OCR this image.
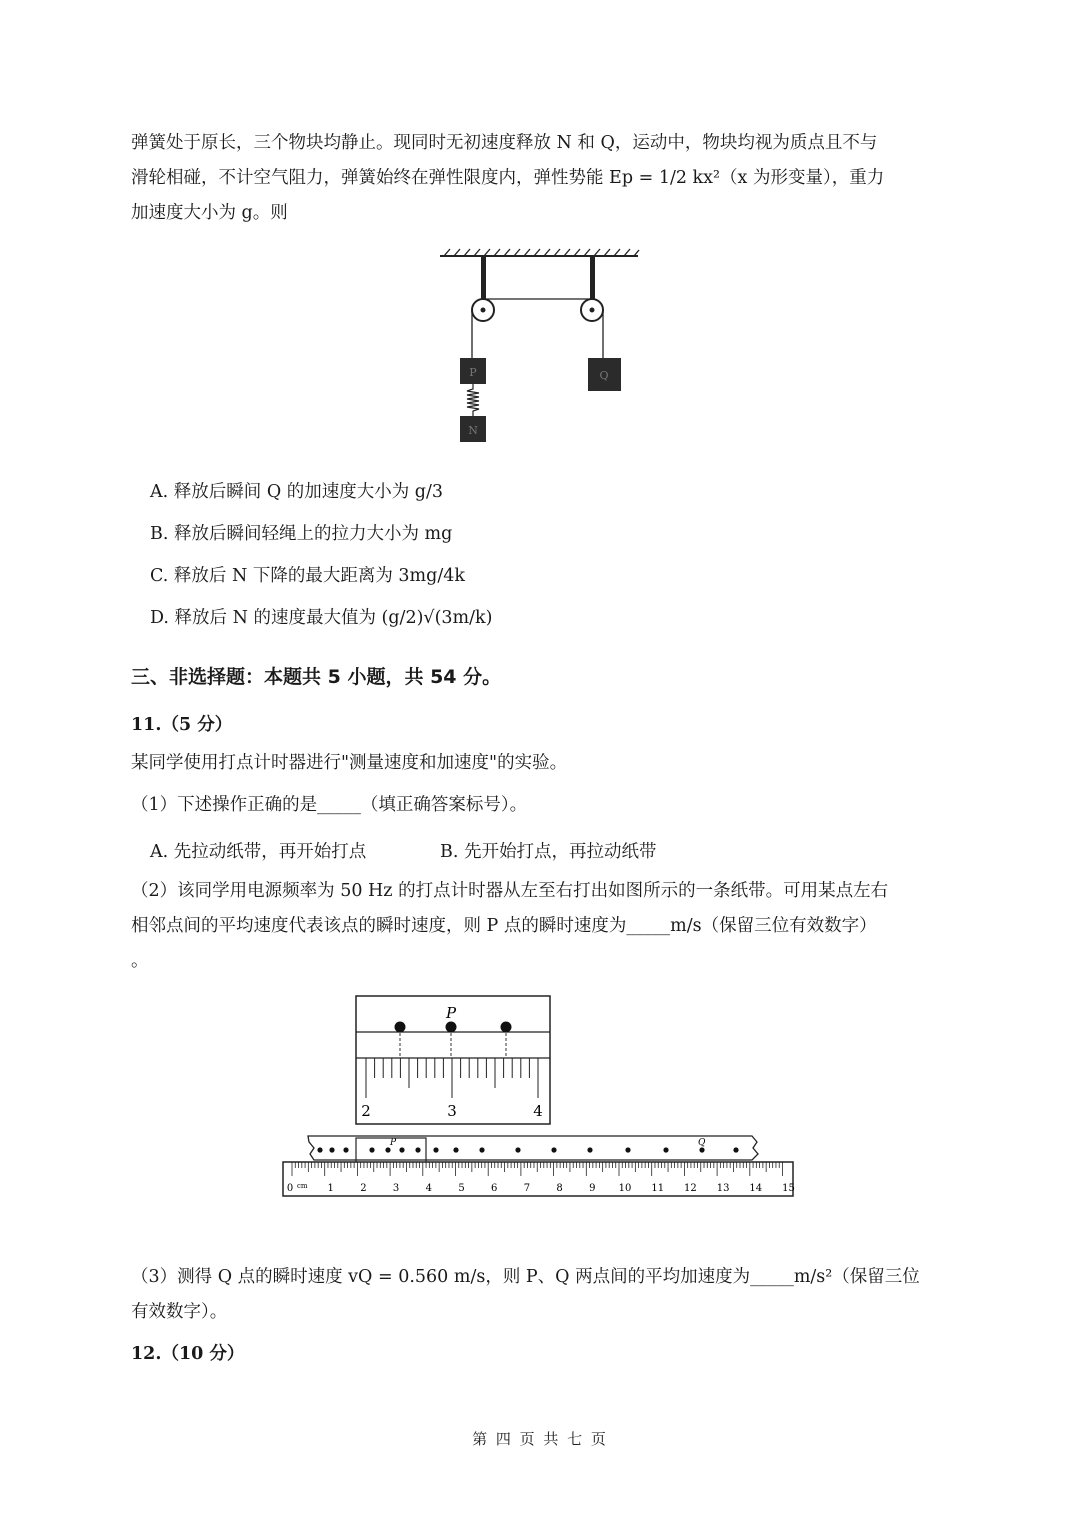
弹簧处于原长，三个物块均静止。现同时无初速度释放 N 和 Q，运动中，物块均视为质点且不与
滑轮相碰，不计空气阻力，弹簧始终在弹性限度内，弹性势能 Ep = 1/2 kx²（x 为形变量），重力
加速度大小为 g。则
P	Q
N
A. 释放后瞬间 Q 的加速度大小为 g/3
B. 释放后瞬间轻绳上的拉力大小为 mg
C. 释放后 N 下降的最大距离为 3mg/4k
D. 释放后 N 的速度最大值为 (g/2)√(3m/k)
三、非选择题：本题共 5 小题，共 54 分。
11.（5 分）
某同学使用打点计时器进行"测量速度和加速度"的实验。
（1）下述操作正确的是_____（填正确答案标号）。
A. 先拉动纸带，再开始打点	B. 先开始打点，再拉动纸带
（2）该同学用电源频率为 50 Hz 的打点计时器从左至右打出如图所示的一条纸带。可用某点左右
相邻点间的平均速度代表该点的瞬时速度，则 P 点的瞬时速度为_____m/s（保留三位有效数字）
。
P
2	3	4
P	Q
0	1	2	3	4	5	6	7	8	9 10 11 12 13 14 15
cm
（3）测得 Q 点的瞬时速度 vQ = 0.560 m/s，则 P、Q 两点间的平均加速度为_____m/s²（保留三位
有效数字）。
12.（10 分）
第 四 页 共 七 页
